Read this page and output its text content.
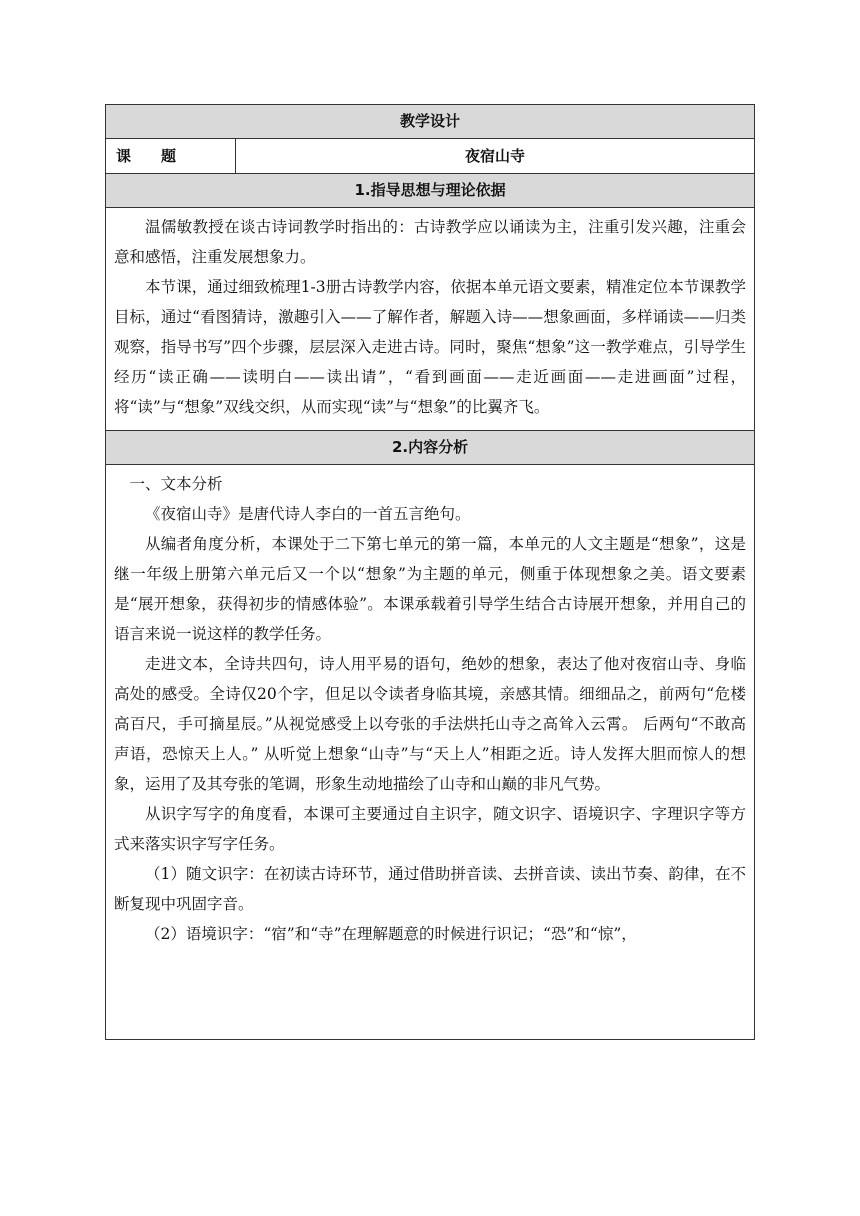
教学设计
课　　题	夜宿山寺
1.指导思想与理论依据

温儒敏教授在谈古诗词教学时指出的：古诗教学应以诵读为主，注重引发兴趣，注重会意和感悟，注重发展想象力。

本节课，通过细致梳理1-3册古诗教学内容，依据本单元语文要素，精准定位本节课教学目标，通过“看图猜诗，激趣引入——了解作者，解题入诗——想象画面，多样诵读——归类观察，指导书写”四个步骤，层层深入走进古诗。同时，聚焦“想象”这一教学难点，引导学生经历“读正确——读明白——读出请”，“看到画面——走近画面——走进画面”过程，将“读”与“想象”双线交织，从而实现“读”与“想象”的比翼齐飞。

2.内容分析

一、文本分析

《夜宿山寺》是唐代诗人李白的一首五言绝句。

从编者角度分析，本课处于二下第七单元的第一篇，本单元的人文主题是“想象”，这是继一年级上册第六单元后又一个以“想象”为主题的单元，侧重于体现想象之美。语文要素是“展开想象，获得初步的情感体验”。本课承载着引导学生结合古诗展开想象，并用自己的语言来说一说这样的教学任务。

走进文本，全诗共四句，诗人用平易的语句，绝妙的想象，表达了他对夜宿山寺、身临高处的感受。全诗仅20个字，但足以令读者身临其境，亲感其情。细细品之，前两句“危楼高百尺，手可摘星辰。”从视觉感受上以夸张的手法烘托山寺之高耸入云霄。 后两句“不敢高声语，恐惊天上人。” 从听觉上想象“山寺”与“天上人”相距之近。诗人发挥大胆而惊人的想象，运用了及其夸张的笔调，形象生动地描绘了山寺和山巅的非凡气势。

从识字写字的角度看，本课可主要通过自主识字，随文识字、语境识字、字理识字等方式来落实识字写字任务。

（1）随文识字：在初读古诗环节，通过借助拼音读、去拼音读、读出节奏、韵律，在不断复现中巩固字音。

（2）语境识字：“宿”和“寺”在理解题意的时候进行识记；“恐”和“惊”，
